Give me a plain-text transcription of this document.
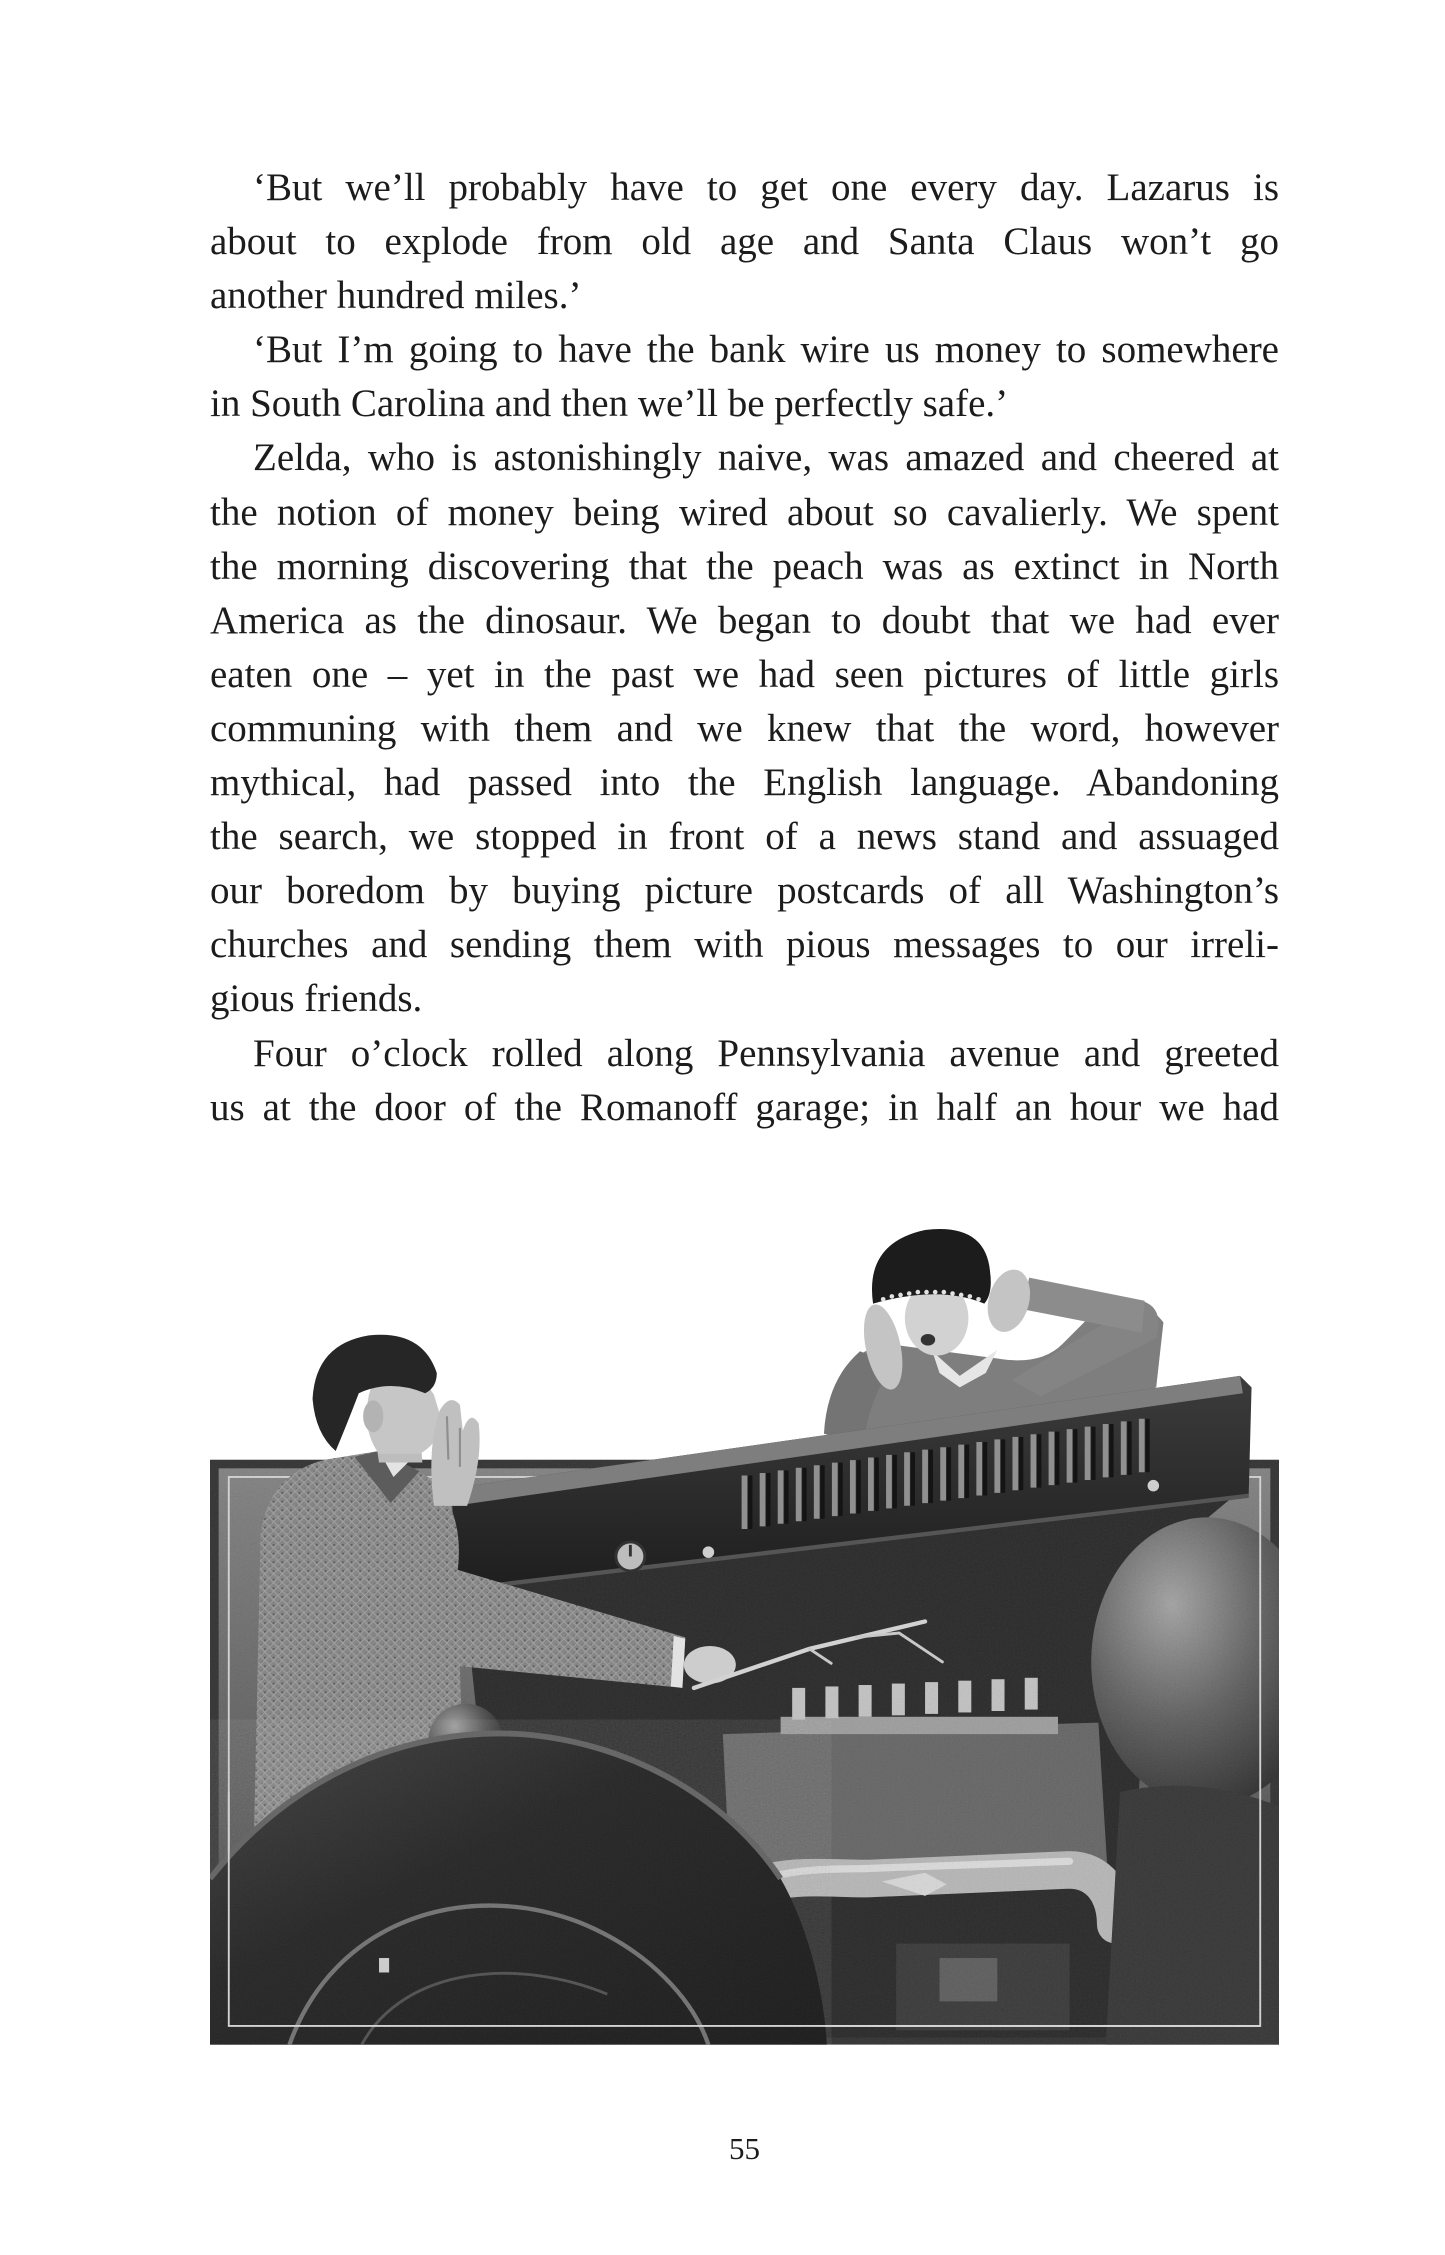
‘But we’ll probably have to get one every day. Lazarus is
about to explode from old age and Santa Claus won’t go
another hundred miles.’
‘But I’m going to have the bank wire us money to somewhere
in South Carolina and then we’ll be perfectly safe.’
Zelda, who is astonishingly naive, was amazed and cheered at
the notion of money being wired about so cavalierly. We spent
the morning discovering that the peach was as extinct in North
America as the dinosaur. We began to doubt that we had ever
eaten one – yet in the past we had seen pictures of little girls
communing with them and we knew that the word, however
mythical, had passed into the English language. Abandoning
the search, we stopped in front of a news stand and assuaged
our boredom by buying picture postcards of all Washington’s
churches and sending them with pious messages to our irreli-
gious friends.
Four o’clock rolled along Pennsylvania avenue and greeted
us at the door of the Romanoff garage; in half an hour we had
55
